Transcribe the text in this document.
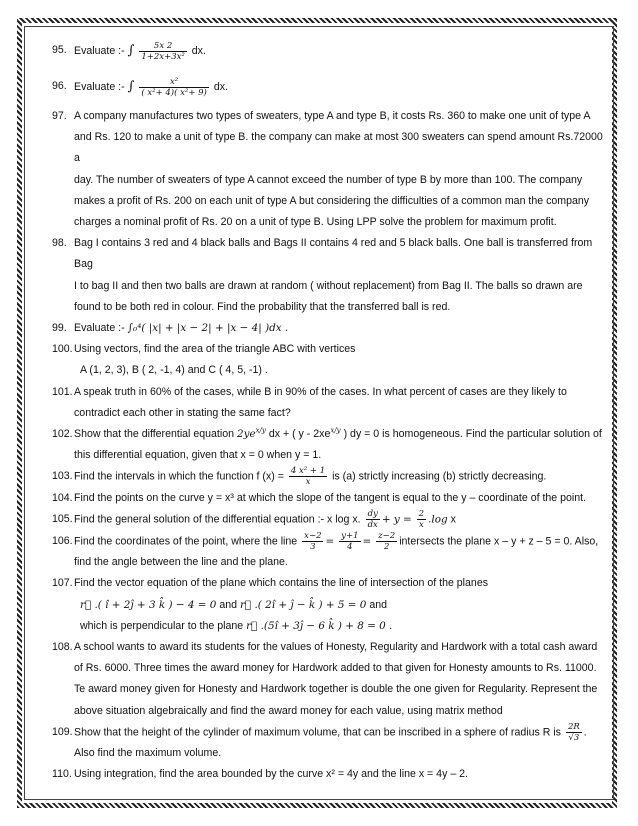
95. Evaluate :- ∫ $\frac{5x 2}{\text{1+2x+3x²}}$ dx.
96. Evaluate :- ∫ $\frac{\text{x²}}{\text{( x²+ 4)( x²+ 9)}}$ dx.
97. A company manufactures two types of sweaters, type A and type B, it costs Rs. 360 to make one unit of type A
and Rs. 120 to make a unit of type B. the company can make at most 300 sweaters can spend amount Rs.72000 a
day. The number of sweaters of type A cannot exceed the number of type B by more than 100. The company
makes a profit of Rs. 200 on each unit of type A but considering the difficulties of a common man the company
charges a nominal profit of Rs. 20 on a unit of type B. Using LPP solve the problem for maximum profit.
98. Bag I contains 3 red and 4 black balls and Bags II contains 4 red and 5 black balls. One ball is transferred from Bag
I to bag II and then two balls are drawn at random ( without replacement) from Bag II. The balls so drawn are
found to be both red in colour. Find the probability that the transferred ball is red.
99. Evaluate :- ∫₀⁴( |x| + |x − 2| + |x − 4| )dx .
100. Using vectors, find the area of the triangle ABC with vertices
A (1, 2, 3), B ( 2, -1, 4) and C ( 4, 5, -1) .
101. A speak truth in 60% of the cases, while B in 90% of the cases. In what percent of cases are they likely to
contradict each other in stating the same fact?
102. Show that the differential equation $2ye^{x/y}$ dx + ( y - $2xe^{x/y}$ ) dy = 0 is homogeneous. Find the particular solution of
this differential equation, given that x = 0 when y = 1.
103. Find the intervals in which the function f $(x) = \frac{\text{4 x² + 1}}{x}$ is (a) strictly increasing (b) strictly decreasing.
104. Find the points on the curve y = x³ at which the slope of the tangent is equal to the y – coordinate of the point.
105. Find the general solution of the differential equation :- x log x. $\frac{dy}{dx} + y = \frac{2}{x} .\log$ x
106. Find the coordinates of the point, where the line $\frac{x-2}{3} = \frac{y+1}{4} = \frac{z-2}{2}$ intersects the plane x – y + z – 5 = 0. Also,
find the angle between the line and the plane.
107. Find the vector equation of the plane which contains the line of intersection of the planes
r⃗ .( î + 2ĵ + 3 k̂ ) − 4 = 0 and r⃗ .( 2î + ĵ − k̂ ) + 5 = 0 and
which is perpendicular to the plane r⃗ .(5î + 3ĵ − 6 k̂ ) + 8 = 0 .
108. A school wants to award its students for the values of Honesty, Regularity and Hardwork with a total cash award
of Rs. 6000. Three times the award money for Hardwork added to that given for Honesty amounts to Rs. 11000.
Te award money given for Honesty and Hardwork together is double the one given for Regularity. Represent the
above situation algebraically and find the award money for each value, using matrix method
109. Show that the height of the cylinder of maximum volume, that can be inscribed in a sphere of radius R is $\frac{2R}{√3}$ .
Also find the maximum volume.
110. Using integration, find the area bounded by the curve x² = 4y and the line x = 4y – 2.
